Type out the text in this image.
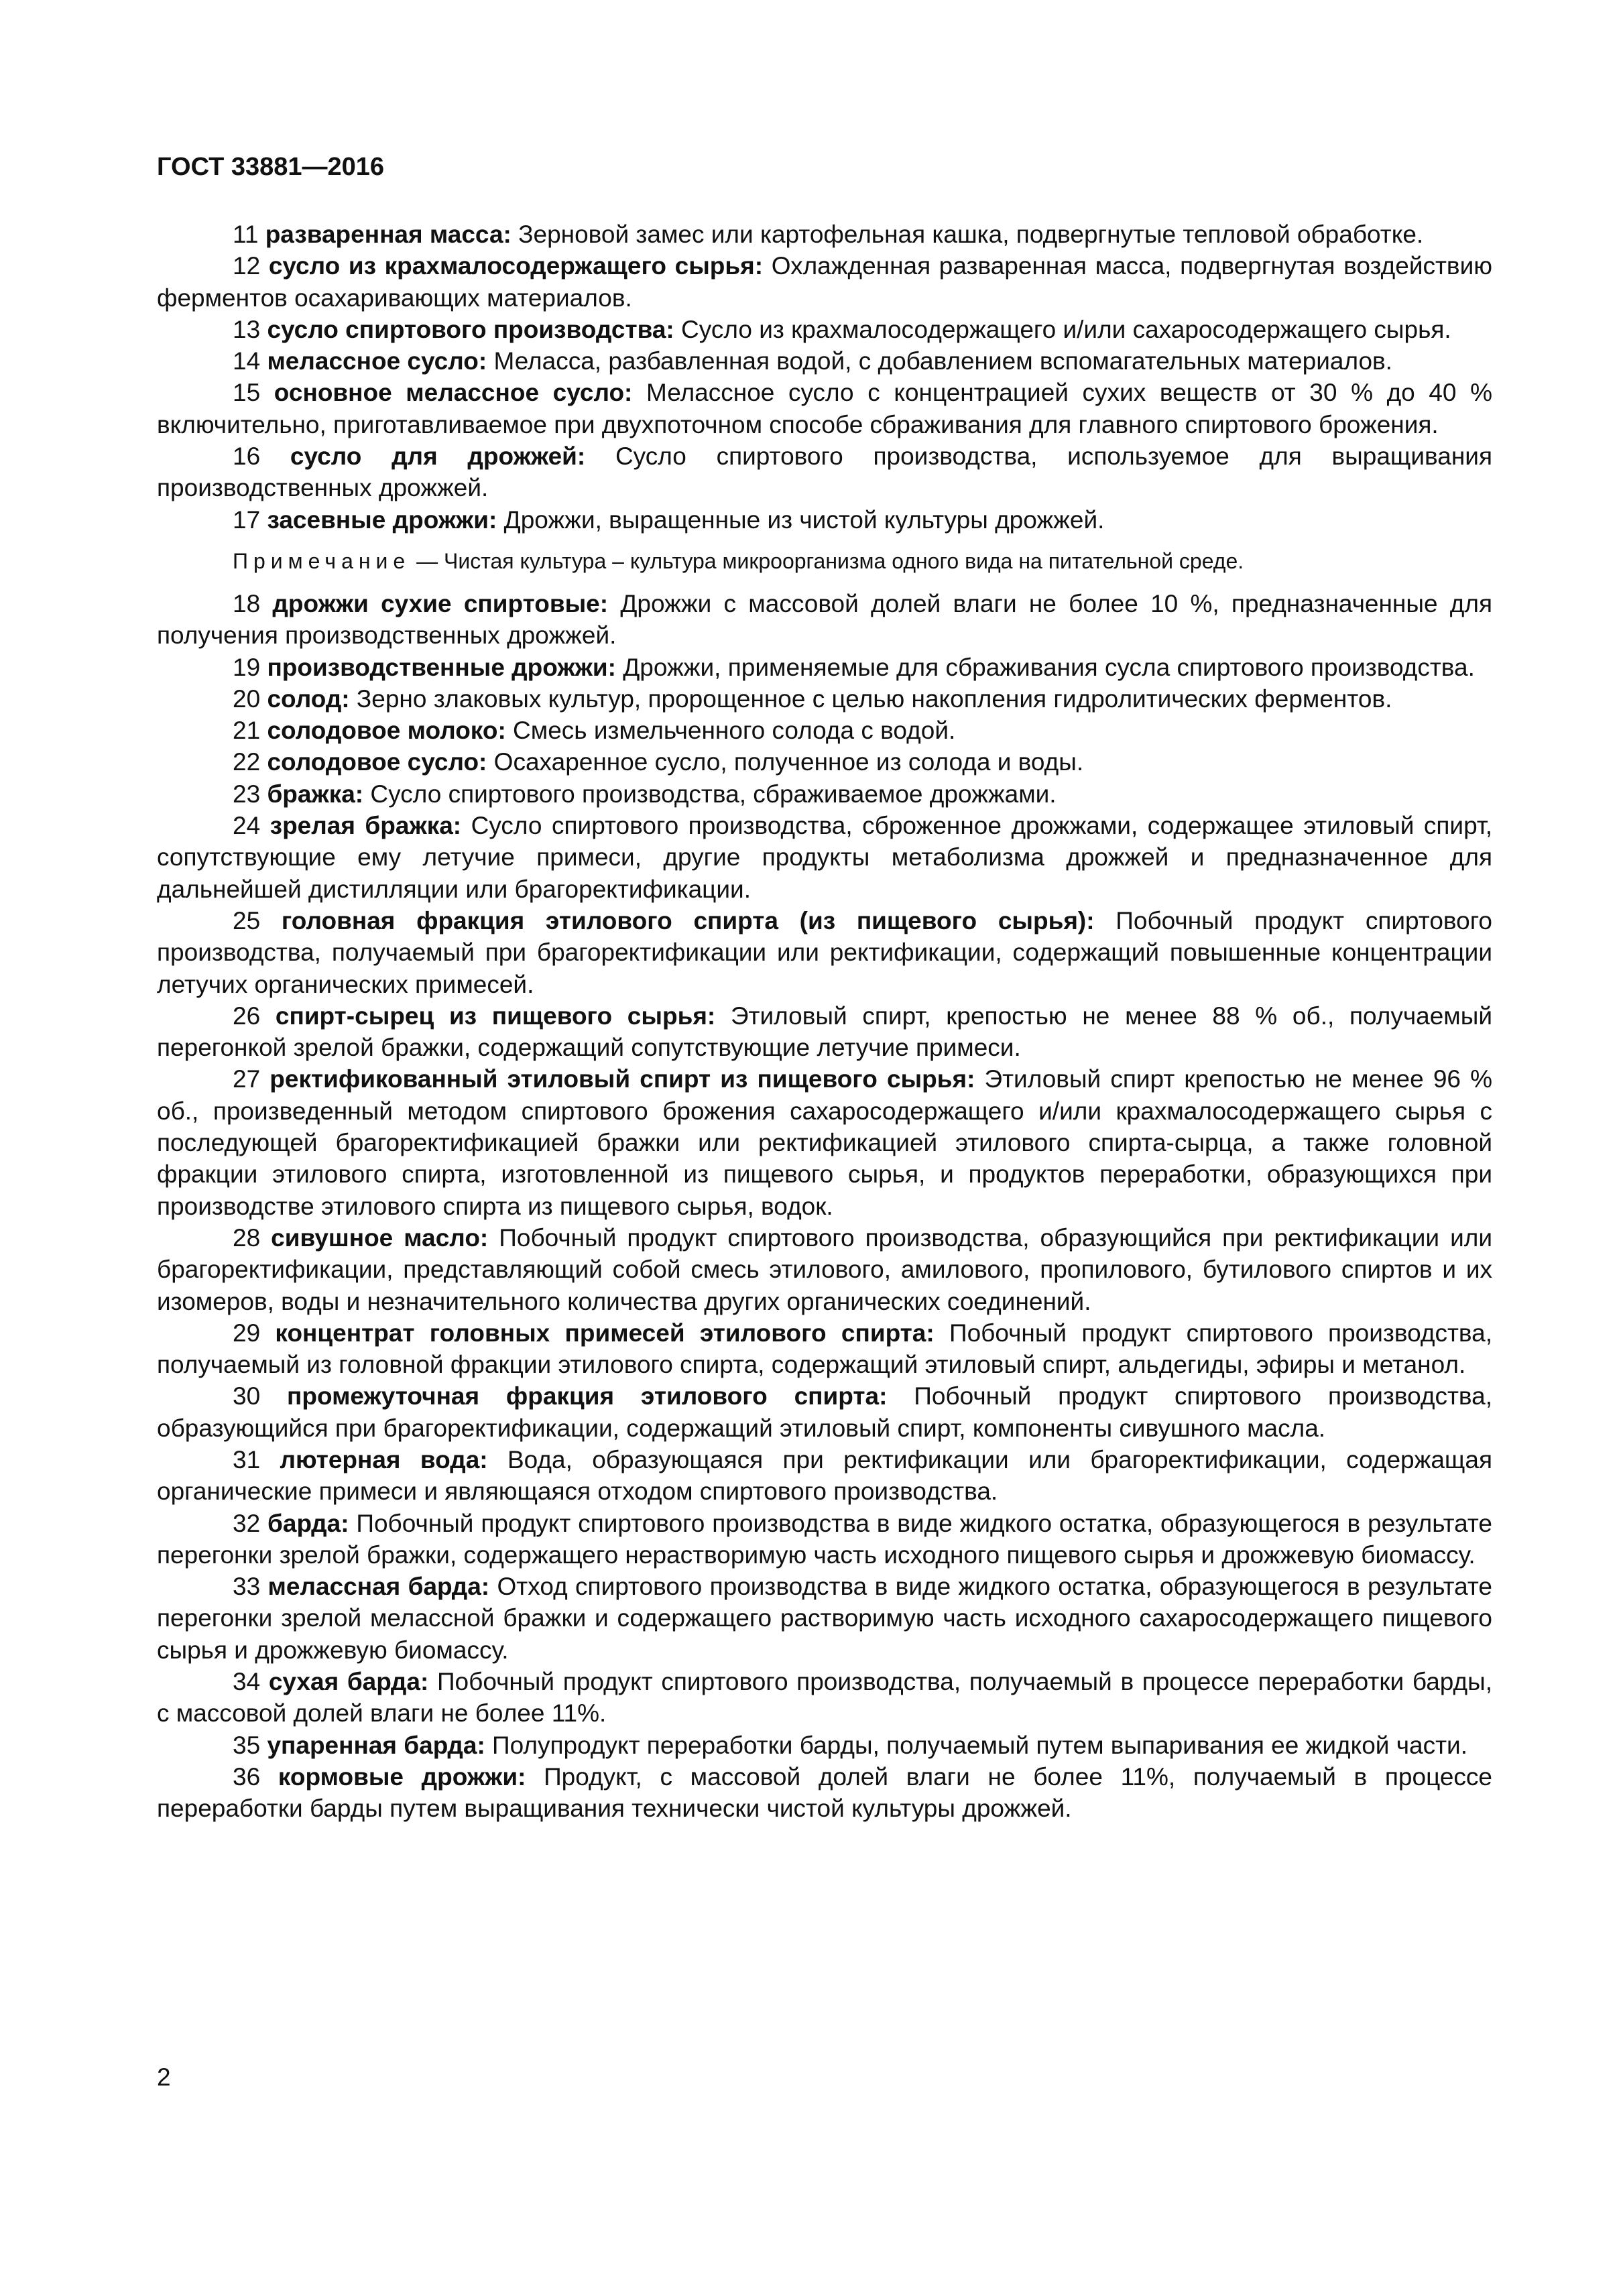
ГОСТ 33881—2016

11 разваренная масса: Зерновой замес или картофельная кашка, подвергнутые тепловой обработке.

12 сусло из крахмалосодержащего сырья: Охлажденная разваренная масса, подвергнутая воздействию ферментов осахаривающих материалов.

13 сусло спиртового производства: Сусло из крахмалосодержащего и/или сахаросодержащего сырья.

14 мелассное сусло: Меласса, разбавленная водой, с добавлением вспомагательных материалов.

15 основное мелассное сусло: Мелассное сусло с концентрацией сухих веществ от 30 % до 40 % включительно, приготавливаемое при двухпоточном способе сбраживания для главного спиртового брожения.

16 сусло для дрожжей: Сусло спиртового производства, используемое для выращивания производственных дрожжей.

17 засевные дрожжи: Дрожжи, выращенные из чистой культуры дрожжей.

Примечание — Чистая культура – культура микроорганизма одного вида на питательной среде.

18 дрожжи сухие спиртовые: Дрожжи с массовой долей влаги не более 10 %, предназначенные для получения производственных дрожжей.

19 производственные дрожжи: Дрожжи, применяемые для сбраживания сусла спиртового производства.

20 солод: Зерно злаковых культур, пророщенное с целью накопления гидролитических ферментов.

21 солодовое молоко: Смесь измельченного солода с водой.

22 солодовое сусло: Осахаренное сусло, полученное из солода и воды.

23 бражка: Сусло спиртового производства, сбраживаемое дрожжами.

24 зрелая бражка: Сусло спиртового производства, сброженное дрожжами, содержащее этиловый спирт, сопутствующие ему летучие примеси, другие продукты метаболизма дрожжей и предназначенное для дальнейшей дистилляции или брагоректификации.

25 головная фракция этилового спирта (из пищевого сырья): Побочный продукт спиртового производства, получаемый при брагоректификации или ректификации, содержащий повышенные концентрации летучих органических примесей.

26 спирт-сырец из пищевого сырья: Этиловый спирт, крепостью не менее 88 % об., получаемый перегонкой зрелой бражки, содержащий сопутствующие летучие примеси.

27 ректификованный этиловый спирт из пищевого сырья: Этиловый спирт крепостью не менее 96 % об., произведенный методом спиртового брожения сахаросодержащего и/или крахмалосодержащего сырья с последующей брагоректификацией бражки или ректификацией этилового спирта-сырца, а также головной фракции этилового спирта, изготовленной из пищевого сырья, и продуктов переработки, образующихся при производстве этилового спирта из пищевого сырья, водок.

28 сивушное масло: Побочный продукт спиртового производства, образующийся при ректификации или брагоректификации, представляющий собой смесь этилового, амилового, пропилового, бутилового спиртов и их изомеров, воды и незначительного количества других органических соединений.

29 концентрат головных примесей этилового спирта: Побочный продукт спиртового производства, получаемый из головной фракции этилового спирта, содержащий этиловый спирт, альдегиды, эфиры и метанол.

30 промежуточная фракция этилового спирта: Побочный продукт спиртового производства, образующийся при брагоректификации, содержащий этиловый спирт, компоненты сивушного масла.

31 лютерная вода: Вода, образующаяся при ректификации или брагоректификации, содержащая органические примеси и являющаяся отходом спиртового производства.

32 барда: Побочный продукт спиртового производства в виде жидкого остатка, образующегося в результате перегонки зрелой бражки, содержащего нерастворимую часть исходного пищевого сырья и дрожжевую биомассу.

33 мелассная барда: Отход спиртового производства в виде жидкого остатка, образующегося в результате перегонки зрелой мелассной бражки и содержащего растворимую часть исходного сахаросодержащего пищевого сырья и дрожжевую биомассу.

34 сухая барда: Побочный продукт спиртового производства, получаемый в процессе переработки барды, с массовой долей влаги не более 11%.

35 упаренная барда: Полупродукт переработки барды, получаемый путем выпаривания ее жидкой части.

36 кормовые дрожжи: Продукт, с массовой долей влаги не более 11%, получаемый в процессе переработки барды путем выращивания технически чистой культуры дрожжей.

2
